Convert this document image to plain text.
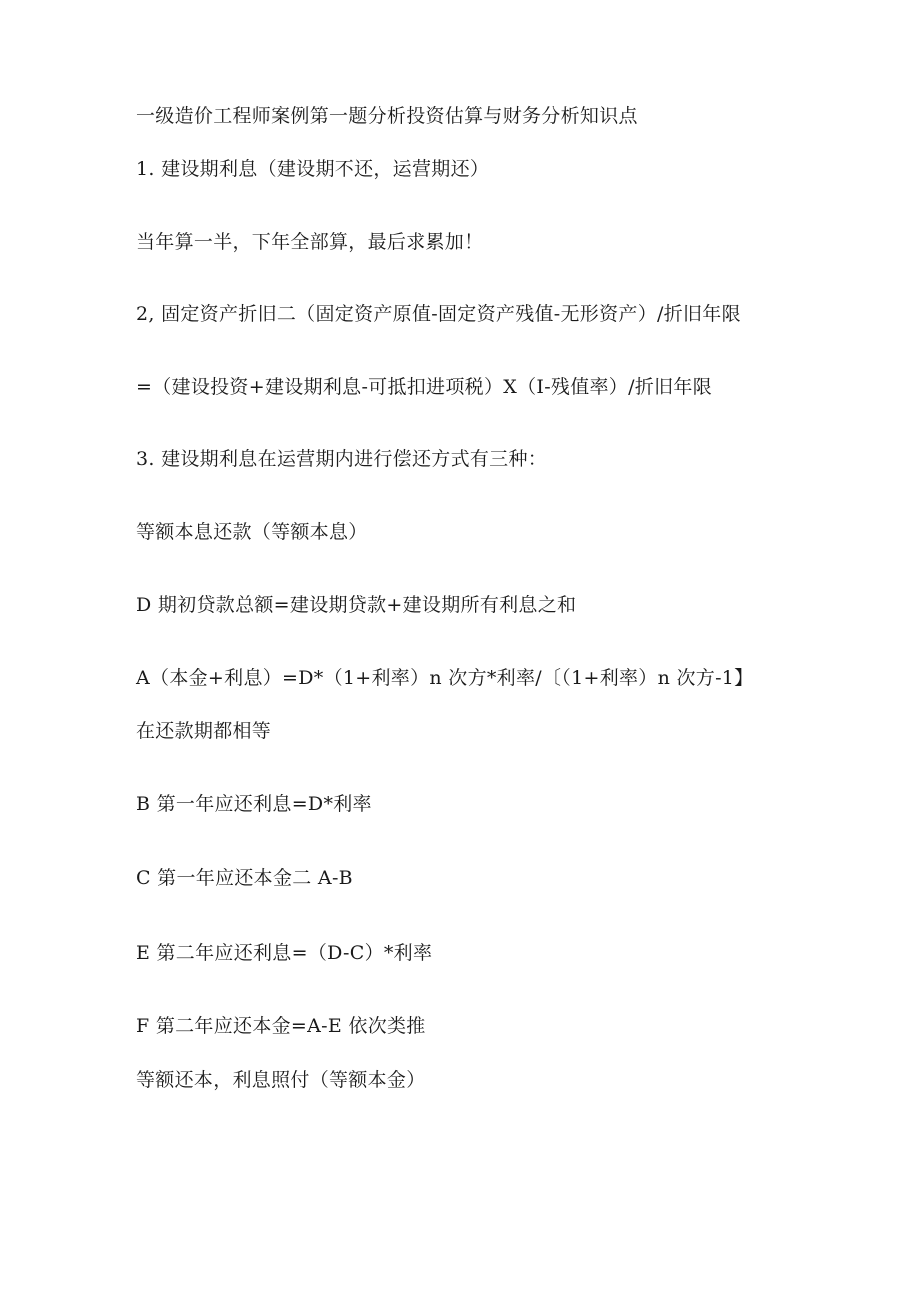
一级造价工程师案例第一题分析投资估算与财务分析知识点
1. 建设期利息（建设期不还，运营期还）
当年算一半，下年全部算，最后求累加！
2, 固定资产折旧二（固定资产原值-固定资产残值-无形资产）/折旧年限
=（建设投资+建设期利息-可抵扣进项税）X（I-残值率）/折旧年限
3. 建设期利息在运营期内进行偿还方式有三种：
等额本息还款（等额本息）
D 期初贷款总额=建设期贷款+建设期所有利息之和
A（本金+利息）=D*（1+利率）n 次方*利率/〔（1+利率）n 次方-1】
在还款期都相等
B 第一年应还利息=D*利率
C 第一年应还本金二 A-B
E 第二年应还利息=（D-C）*利率
F 第二年应还本金=A-E 依次类推
等额还本，利息照付（等额本金）
